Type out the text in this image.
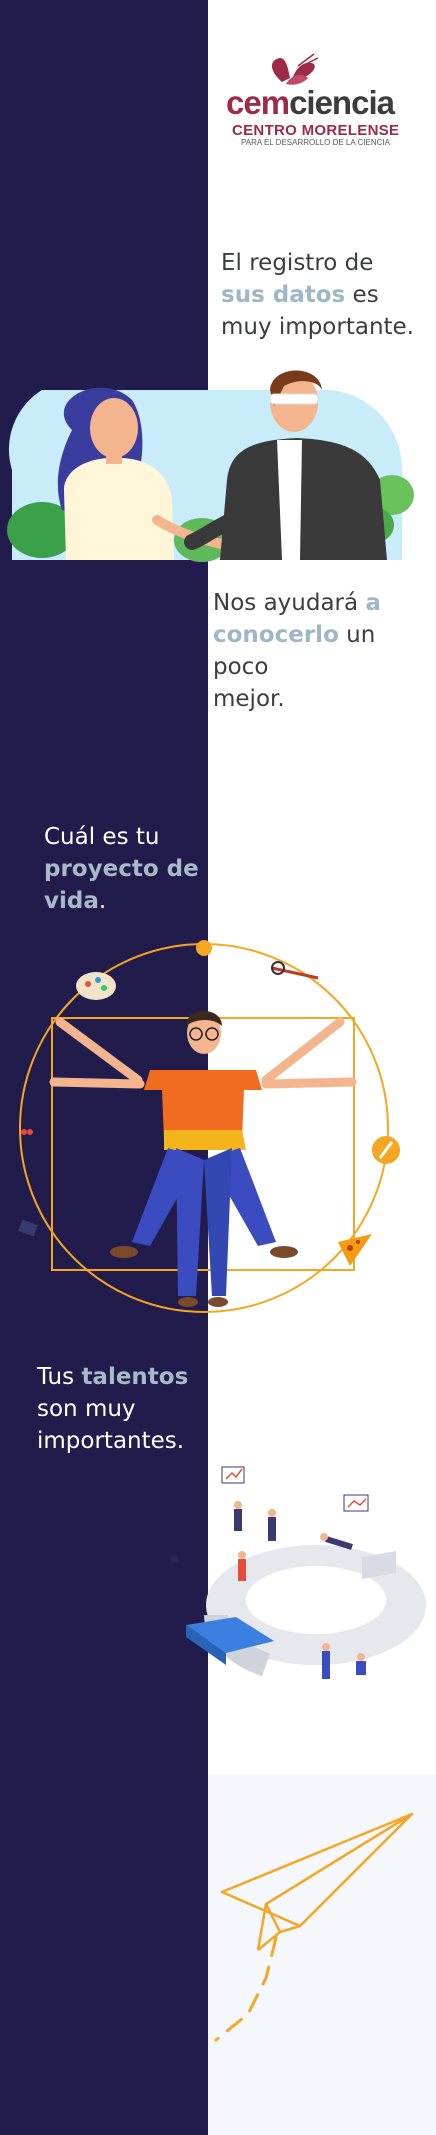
cemciencia
CENTRO MORELENSE
PARA EL DESARROLLO DE LA CIENCIA
El registro de
sus datos es
muy importante.
Nos ayudará a
conocerlo un poco
mejor.
Cuál es tu
proyecto de
vida.
Tus talentos
son muy
importantes.
